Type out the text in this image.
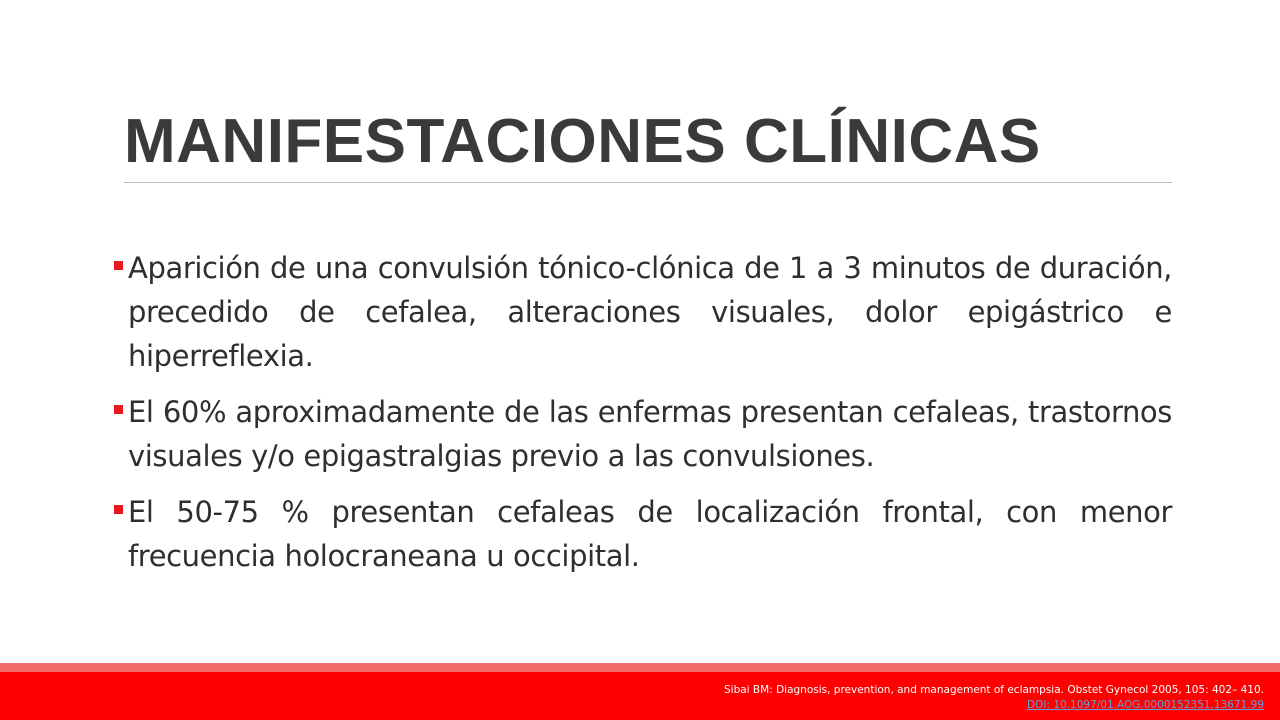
MANIFESTACIONES CLÍNICAS
Aparición de una convulsión tónico-clónica de 1 a 3 minutos de duración, precedido de cefalea, alteraciones visuales, dolor epigástrico e hiperreflexia.
El 60% aproximadamente de las enfermas presentan cefaleas, trastornos visuales y/o epigastralgias previo a las convulsiones.
El 50-75 % presentan cefaleas de localización frontal, con menor frecuencia holocraneana u occipital.
Sibai BM: Diagnosis, prevention, and management of eclampsia. Obstet Gynecol 2005, 105: 402– 410.
DOI: 10.1097/01.AOG.0000152351.13671.99
